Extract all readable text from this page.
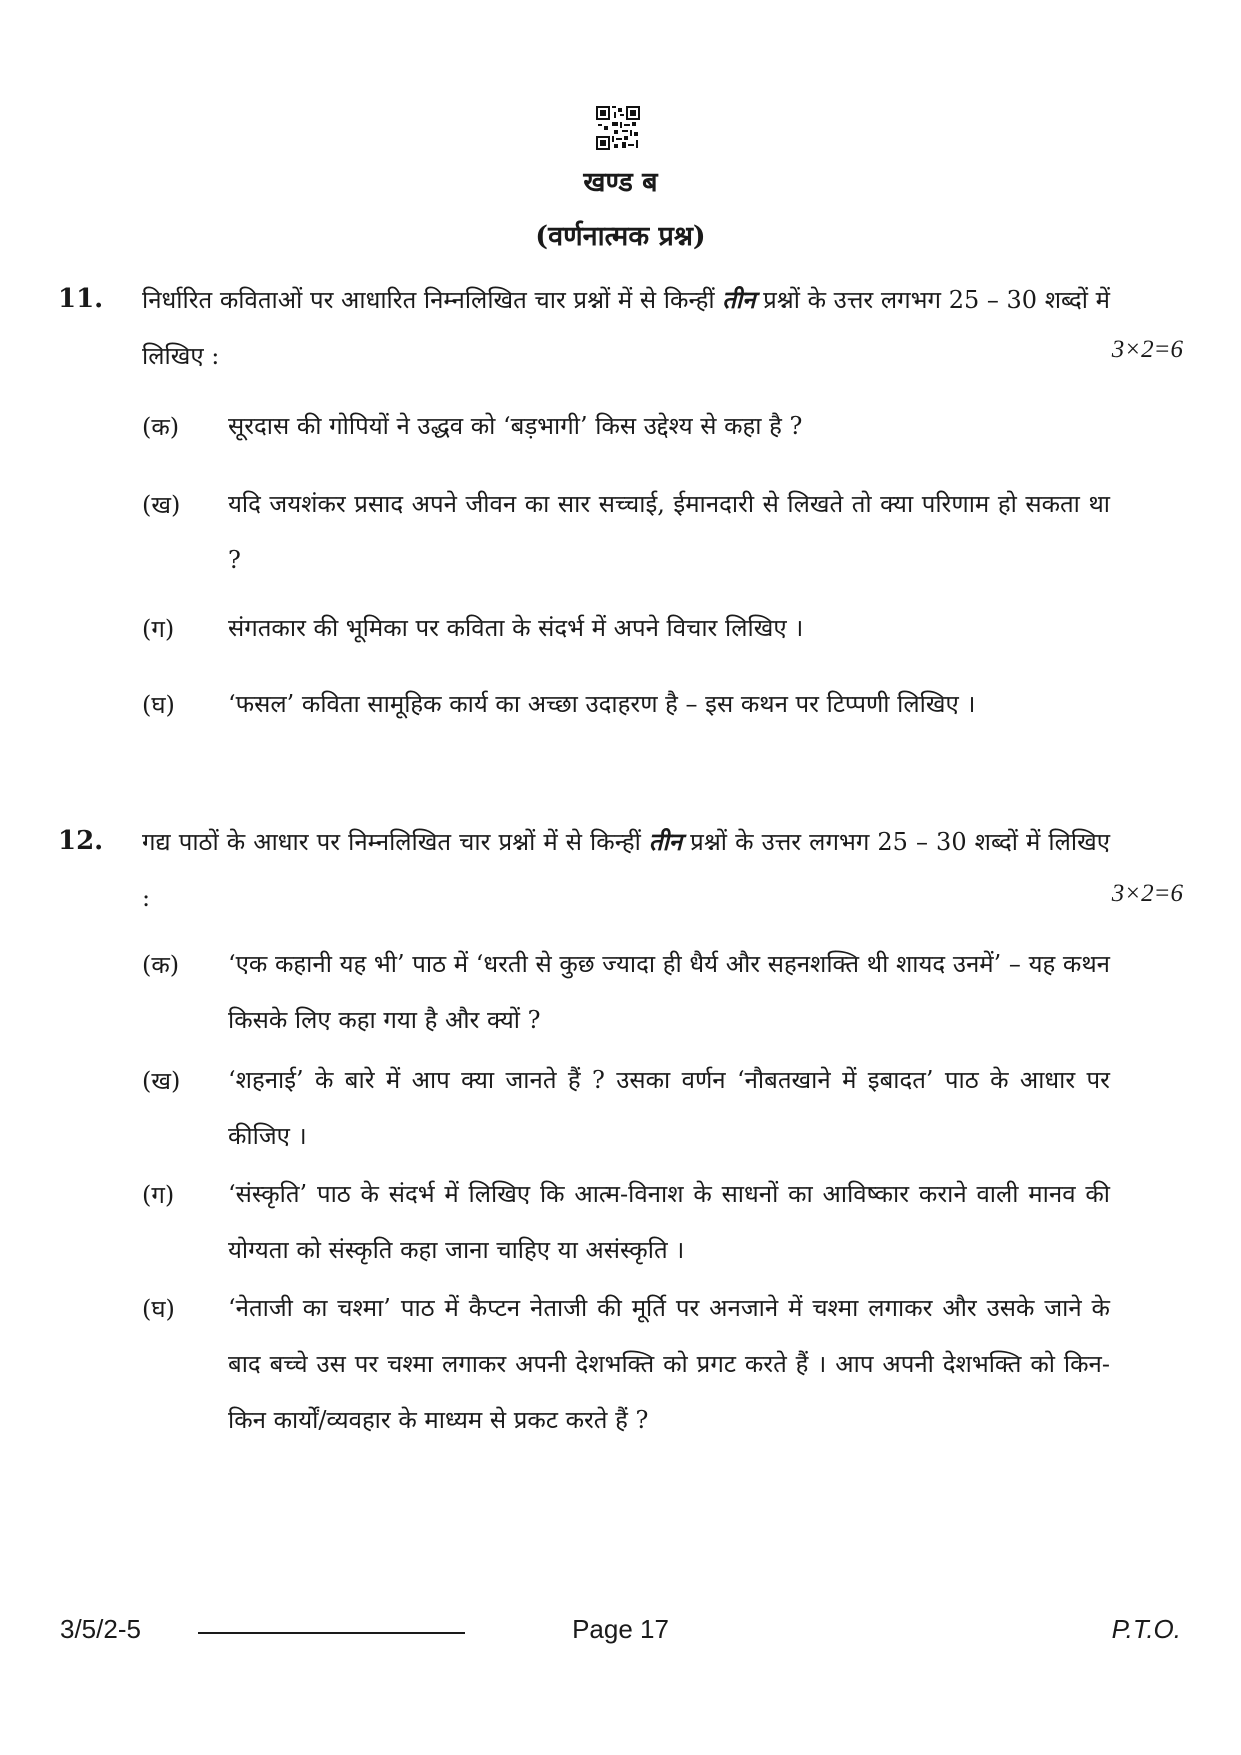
खण्ड ब
(वर्णनात्मक प्रश्न)
11. निर्धारित कविताओं पर आधारित निम्नलिखित चार प्रश्नों में से किन्हीं तीन प्रश्नों के उत्तर लगभग 25 – 30 शब्दों में लिखिए :	3×2=6
(क) सूरदास की गोपियों ने उद्धव को ‘बड़भागी’ किस उद्देश्य से कहा है ?
(ख) यदि जयशंकर प्रसाद अपने जीवन का सार सच्चाई, ईमानदारी से लिखते तो क्या परिणाम हो सकता था ?
(ग) संगतकार की भूमिका पर कविता के संदर्भ में अपने विचार लिखिए ।
(घ) ‘फसल’ कविता सामूहिक कार्य का अच्छा उदाहरण है – इस कथन पर टिप्पणी लिखिए ।
12. गद्य पाठों के आधार पर निम्नलिखित चार प्रश्नों में से किन्हीं तीन प्रश्नों के उत्तर लगभग 25 – 30 शब्दों में लिखिए :	3×2=6
(क) ‘एक कहानी यह भी’ पाठ में ‘धरती से कुछ ज्यादा ही धैर्य और सहनशक्ति थी शायद उनमें’ – यह कथन किसके लिए कहा गया है और क्यों ?
(ख) ‘शहनाई’ के बारे में आप क्या जानते हैं ? उसका वर्णन ‘नौबतखाने में इबादत’ पाठ के आधार पर कीजिए ।
(ग) ‘संस्कृति’ पाठ के संदर्भ में लिखिए कि आत्म-विनाश के साधनों का आविष्कार कराने वाली मानव की योग्यता को संस्कृति कहा जाना चाहिए या असंस्कृति ।
(घ) ‘नेताजी का चश्मा’ पाठ में कैप्टन नेताजी की मूर्ति पर अनजाने में चश्मा लगाकर और उसके जाने के बाद बच्चे उस पर चश्मा लगाकर अपनी देशभक्ति को प्रगट करते हैं । आप अपनी देशभक्ति को किन-किन कार्यों/व्यवहार के माध्यम से प्रकट करते हैं ?
3/5/2-5	Page 17	P.T.O.
